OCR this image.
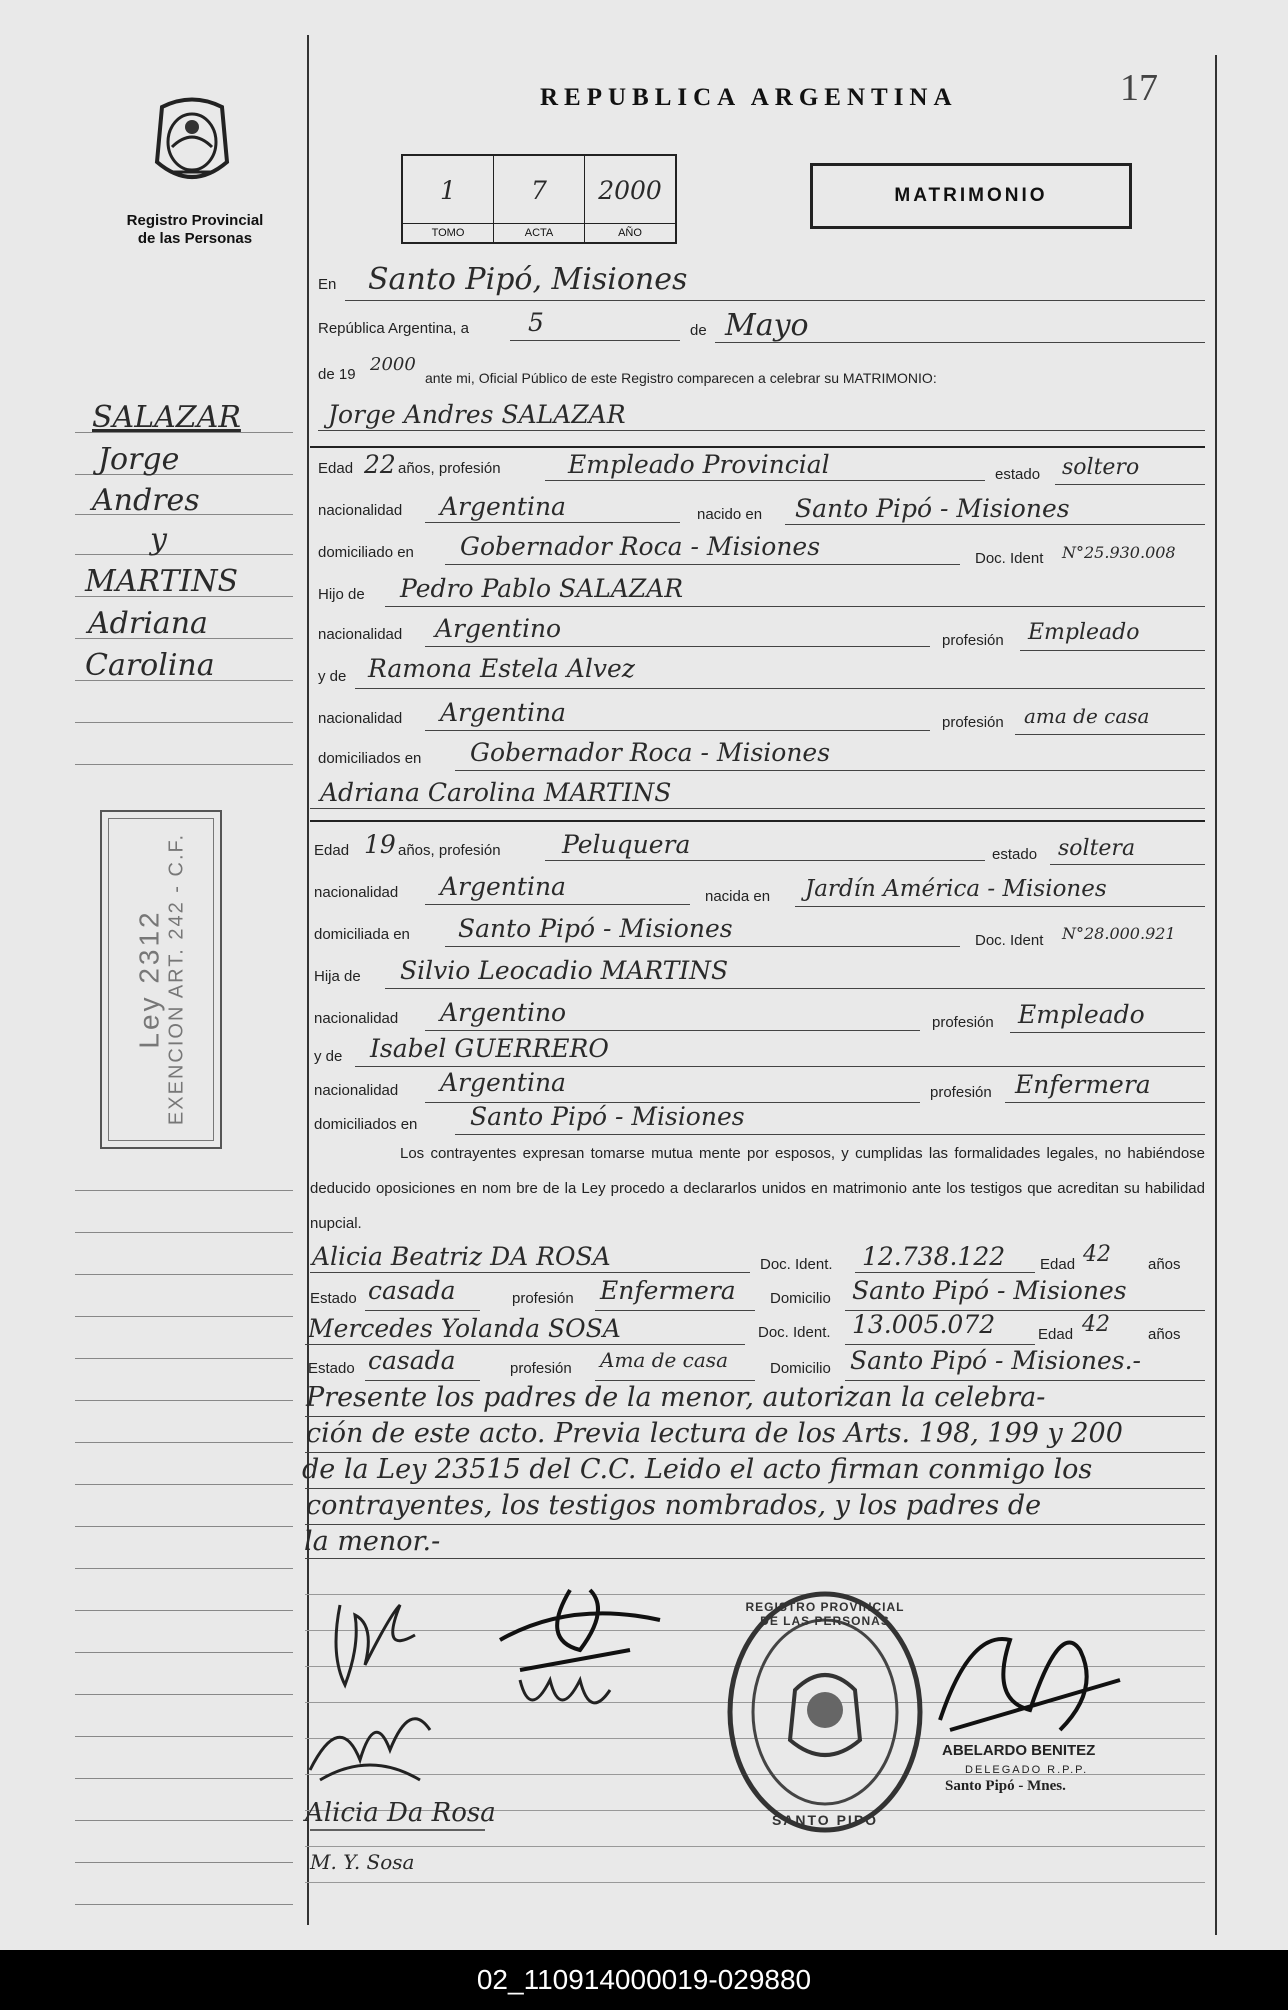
Registro Provincial
de las Personas
17
REPUBLICA ARGENTINA
1
TOMO
7
ACTA
2000
AÑO
MATRIMONIO
SALAZAR
Jorge
Andres
y
MARTINS
Adriana
Carolina
Ley 2312 EXENCION ART. 242 - C.F.
En Santo Pipó, Misiones
República Argentina, a 5	de Mayo
de 19 2000
ante mi, Oficial Público de este Registro comparecen a celebrar su MATRIMONIO:
Jorge Andres SALAZAR
Edad 22 años, profesión	Empleado Provincial	estado soltero
nacionalidad Argentina	nacido en Santo Pipó - Misiones
domiciliado en Gobernador Roca - Misiones	Doc. Ident N°25.930.008
Hijo de Pedro Pablo SALAZAR
nacionalidad Argentino	profesión Empleado
y de Ramona Estela Alvez
nacionalidad Argentina	profesión ama de casa
domiciliados en Gobernador Roca - Misiones
Adriana Carolina MARTINS
Edad 19 años, profesión Peluquera	estado soltera
nacionalidad Argentina	nacida en Jardín América - Misiones
domiciliada en Santo Pipó - Misiones	Doc. Ident N°28.000.921
Hija de Silvio Leocadio MARTINS
nacionalidad Argentino	profesión Empleado
y de Isabel GUERRERO
nacionalidad Argentina	profesión Enfermera
domiciliados en Santo Pipó - Misiones
Los contrayentes expresan tomarse mutua mente por esposos, y cumplidas las formalidades legales, no habiéndose deducido oposiciones en nom bre de la Ley procedo a declararlos unidos en matrimonio ante los testigos que acreditan su habilidad nupcial.
Alicia Beatriz DA ROSA	Doc. Ident. 12.738.122 Edad 42 años
Estado casada	profesión Enfermera Domicilio Santo Pipó - Misiones
Mercedes Yolanda SOSA	Doc. Ident. 13.005.072	Edad 42	años
Estado casada	profesión Ama de casa	Domicilio Santo Pipó - Misiones.-
Presente los padres de la menor, autorizan la celebra-
ción de este acto. Previa lectura de los Arts. 198, 199 y 200
de la Ley 23515 del C.C. Leido el acto firman conmigo los
contrayentes, los testigos nombrados, y los padres de
la menor.-
Alicia Da Rosa
M. Y. Sosa
REGISTRO PROVINCIAL DE LAS PERSONAS
SANTO PIPO
ABELARDO BENITEZ
DELEGADO R.P.P.
Santo Pipó - Mnes.
02_110914000019-029880
